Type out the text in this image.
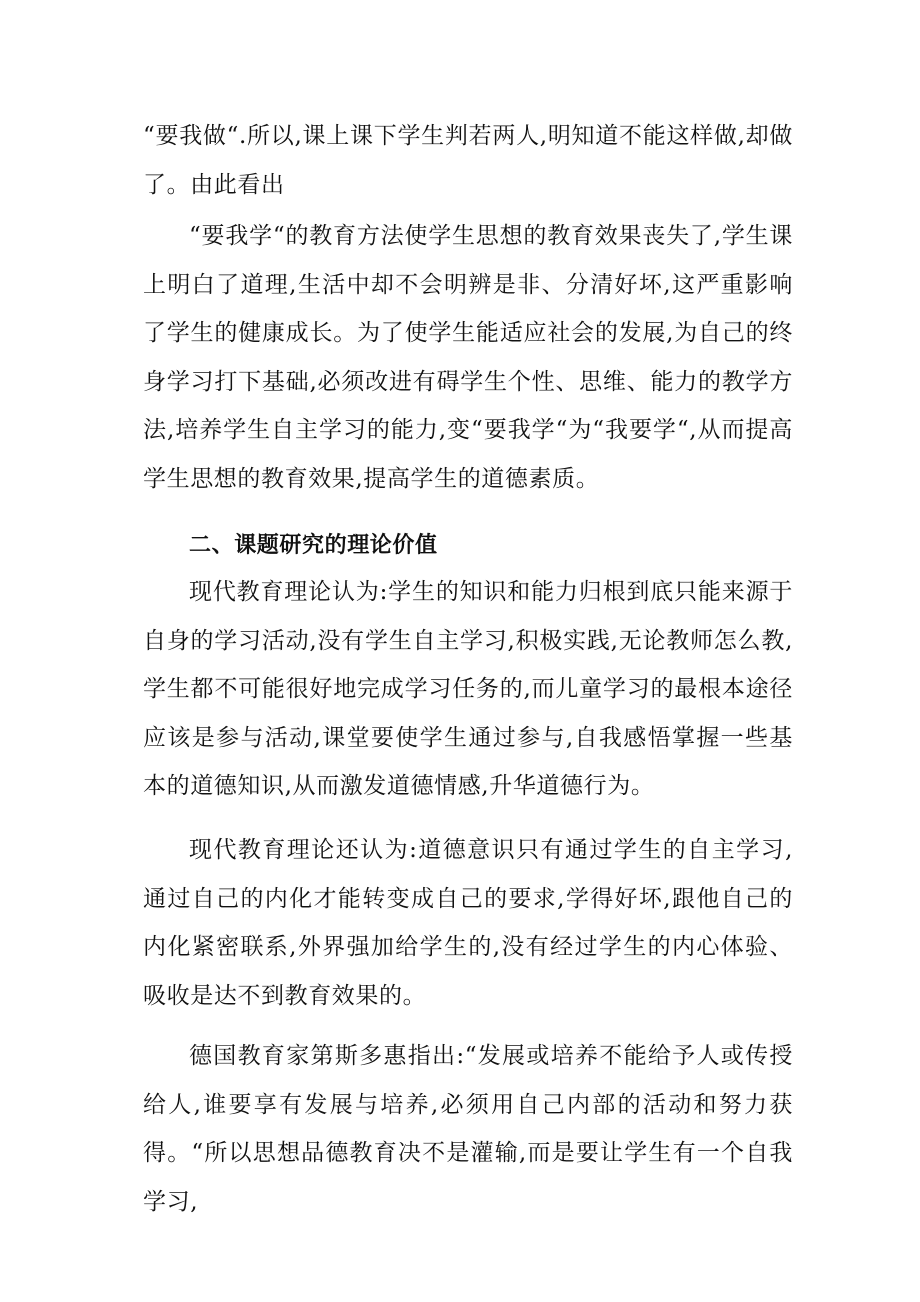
“要我做“.所以,课上课下学生判若两人,明知道不能这样做,却做了。由此看出

“要我学“的教育方法使学生思想的教育效果丧失了,学生课上明白了道理,生活中却不会明辨是非、分清好坏,这严重影响了学生的健康成长。为了使学生能适应社会的发展,为自己的终身学习打下基础,必须改进有碍学生个性、思维、能力的教学方法,培养学生自主学习的能力,变“要我学“为“我要学“,从而提高学生思想的教育效果,提高学生的道德素质。

二、课题研究的理论价值

现代教育理论认为:学生的知识和能力归根到底只能来源于自身的学习活动,没有学生自主学习,积极实践,无论教师怎么教,学生都不可能很好地完成学习任务的,而儿童学习的最根本途径应该是参与活动,课堂要使学生通过参与,自我感悟掌握一些基本的道德知识,从而激发道德情感,升华道德行为。

现代教育理论还认为:道德意识只有通过学生的自主学习,通过自己的内化才能转变成自己的要求,学得好坏,跟他自己的内化紧密联系,外界强加给学生的,没有经过学生的内心体验、吸收是达不到教育效果的。

德国教育家第斯多惠指出:“发展或培养不能给予人或传授给人,谁要享有发展与培养,必须用自己内部的活动和努力获得。“所以思想品德教育决不是灌输,而是要让学生有一个自我学习,
